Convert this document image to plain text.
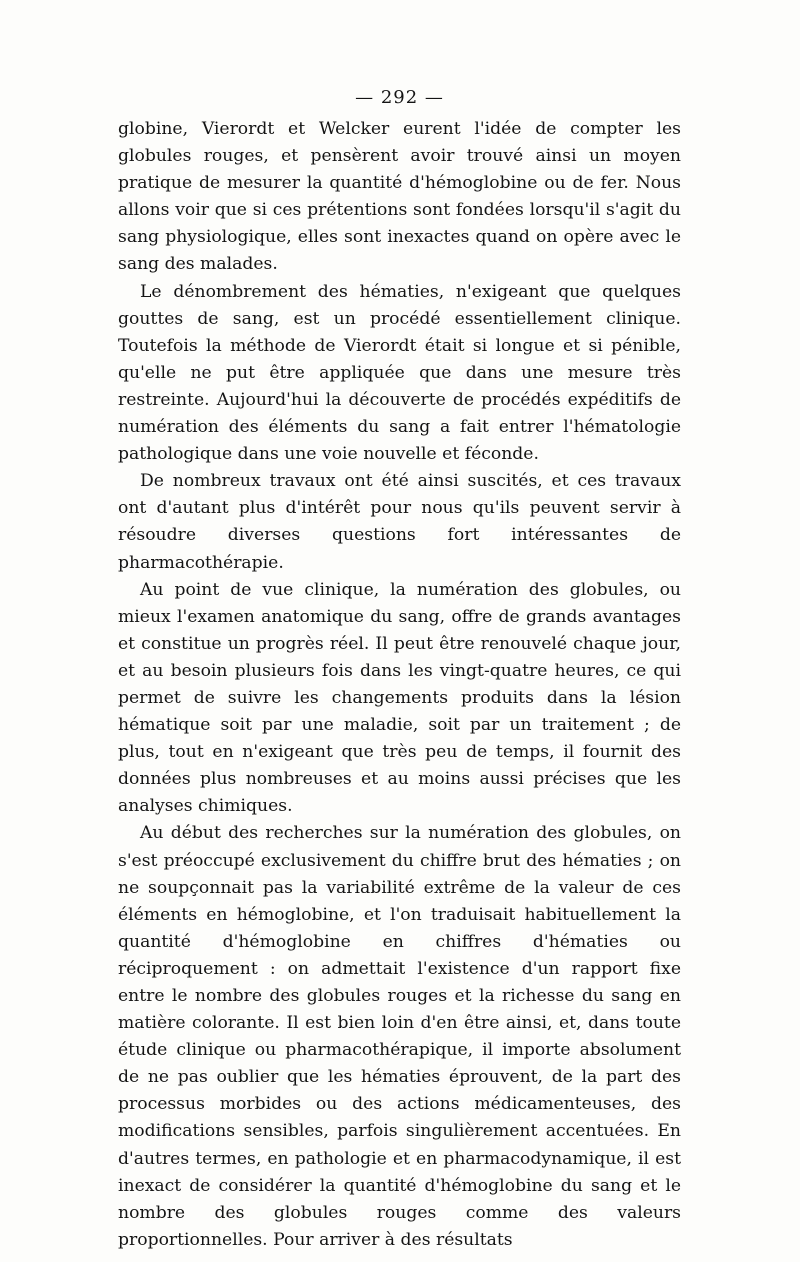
— 292 —

globine, Vierordt et Welcker eurent l'idée de compter les globules rouges, et pensèrent avoir trouvé ainsi un moyen pratique de mesurer la quantité d'hémoglobine ou de fer. Nous allons voir que si ces prétentions sont fondées lorsqu'il s'agit du sang physiologique, elles sont inexactes quand on opère avec le sang des malades.

Le dénombrement des hématies, n'exigeant que quelques gouttes de sang, est un procédé essentiellement clinique. Toutefois la méthode de Vierordt était si longue et si pénible, qu'elle ne put être appliquée que dans une mesure très restreinte. Aujourd'hui la découverte de procédés expéditifs de numération des éléments du sang a fait entrer l'hématologie pathologique dans une voie nouvelle et féconde.

De nombreux travaux ont été ainsi suscités, et ces travaux ont d'autant plus d'intérêt pour nous qu'ils peuvent servir à résoudre diverses questions fort intéressantes de pharmacothérapie.

Au point de vue clinique, la numération des globules, ou mieux l'examen anatomique du sang, offre de grands avantages et constitue un progrès réel. Il peut être renouvelé chaque jour, et au besoin plusieurs fois dans les vingt-quatre heures, ce qui permet de suivre les changements produits dans la lésion hématique soit par une maladie, soit par un traitement ; de plus, tout en n'exigeant que très peu de temps, il fournit des données plus nombreuses et au moins aussi précises que les analyses chimiques.

Au début des recherches sur la numération des globules, on s'est préoccupé exclusivement du chiffre brut des hématies ; on ne soupçonnait pas la variabilité extrême de la valeur de ces éléments en hémoglobine, et l'on traduisait habituellement la quantité d'hémoglobine en chiffres d'hématies ou réciproquement : on admettait l'existence d'un rapport fixe entre le nombre des globules rouges et la richesse du sang en matière colorante. Il est bien loin d'en être ainsi, et, dans toute étude clinique ou pharmacothérapique, il importe absolument de ne pas oublier que les hématies éprouvent, de la part des processus morbides ou des actions médicamenteuses, des modifications sensibles, parfois singulièrement accentuées. En d'autres termes, en pathologie et en pharmacodynamique, il est inexact de considérer la quantité d'hémoglobine du sang et le nombre des globules rouges comme des valeurs proportionnelles. Pour arriver à des résultats
